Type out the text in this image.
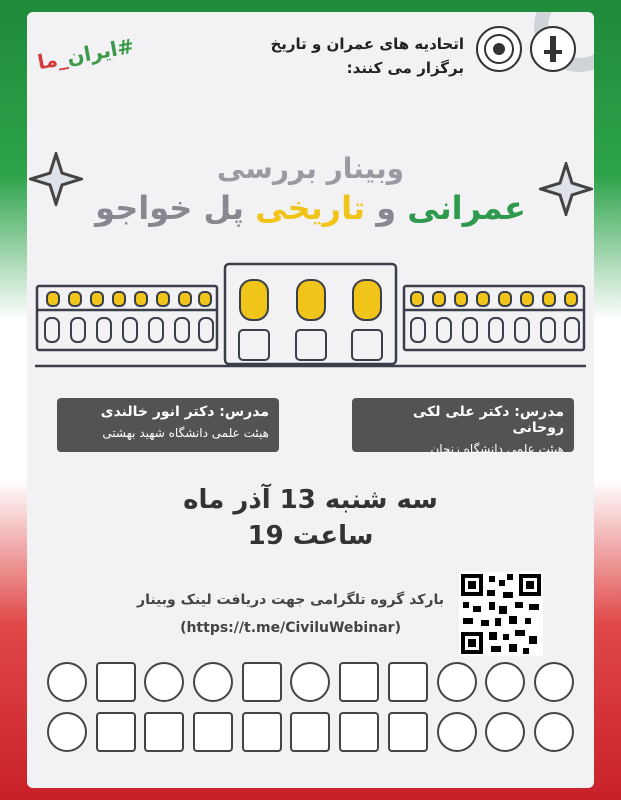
#ایران_ما
اتحادیه های عمران و تاریخ
برگزار می کنند:
وبینار بررسی
عمرانی و تاریخی پل خواجو
مدرس: دکتر علی لکی روحانی
هیئت علمی دانشگاه زنجان
مدرس: دکتر انور خالندی
هیئت علمی دانشگاه شهید بهشتی
سه شنبه 13 آذر ماه
ساعت 19
بارکد گروه تلگرامی جهت دریافت لینک وبینار
(https://t.me/CiviluWebinar)
